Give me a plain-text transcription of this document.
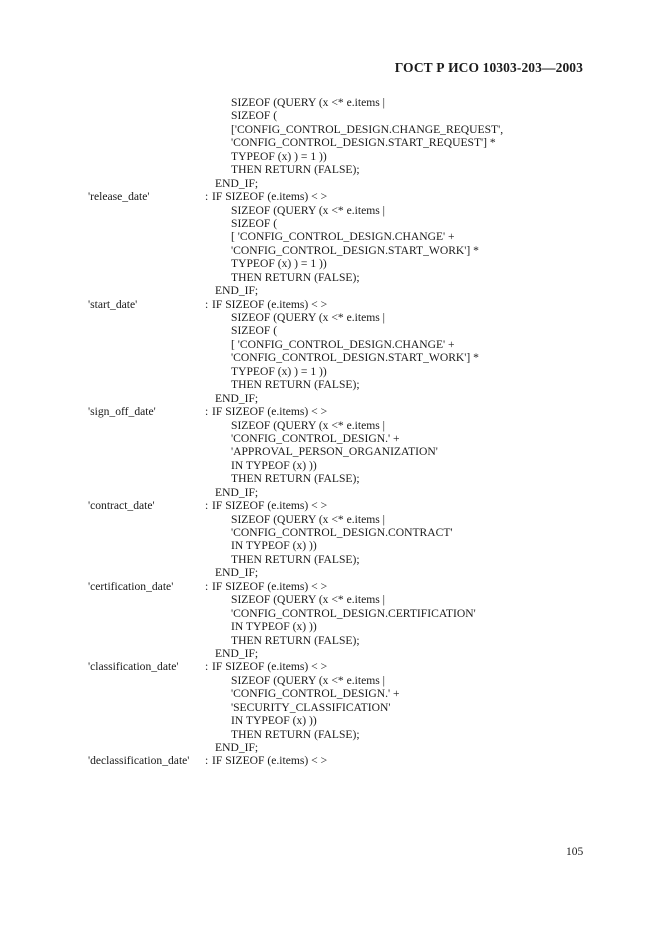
ГОСТ Р ИСО 10303-203—2003
SIZEOF (QUERY (x <* e.items |
SIZEOF (
['CONFIG_CONTROL_DESIGN.CHANGE_REQUEST',
'CONFIG_CONTROL_DESIGN.START_REQUEST'] *
TYPEOF (x) ) = 1 ))
THEN RETURN (FALSE);
END_IF;
'release_date'	: IF SIZEOF (e.items) < >
SIZEOF (QUERY (x <* e.items |
SIZEOF (
[ 'CONFIG_CONTROL_DESIGN.CHANGE' +
'CONFIG_CONTROL_DESIGN.START_WORK'] *
TYPEOF (x) ) = 1 ))
THEN RETURN (FALSE);
END_IF;
'start_date'	: IF SIZEOF (e.items) < >
SIZEOF (QUERY (x <* e.items |
SIZEOF (
[ 'CONFIG_CONTROL_DESIGN.CHANGE' +
'CONFIG_CONTROL_DESIGN.START_WORK'] *
TYPEOF (x) ) = 1 ))
THEN RETURN (FALSE);
END_IF;
'sign_off_date'	: IF SIZEOF (e.items) < >
SIZEOF (QUERY (x <* e.items |
'CONFIG_CONTROL_DESIGN.' +
'APPROVAL_PERSON_ORGANIZATION'
IN TYPEOF (x) ))
THEN RETURN (FALSE);
END_IF;
'contract_date'	: IF SIZEOF (e.items) < >
SIZEOF (QUERY (x <* e.items |
'CONFIG_CONTROL_DESIGN.CONTRACT'
IN TYPEOF (x) ))
THEN RETURN (FALSE);
END_IF;
'certification_date'	: IF SIZEOF (e.items) < >
SIZEOF (QUERY (x <* e.items |
'CONFIG_CONTROL_DESIGN.CERTIFICATION'
IN TYPEOF (x) ))
THEN RETURN (FALSE);
END_IF;
'classification_date' : IF SIZEOF (e.items) < >
SIZEOF (QUERY (x <* e.items |
'CONFIG_CONTROL_DESIGN.' +
'SECURITY_CLASSIFICATION'
IN TYPEOF (x) ))
THEN RETURN (FALSE);
END_IF;
'declassification_date' : IF SIZEOF (e.items) < >
105
